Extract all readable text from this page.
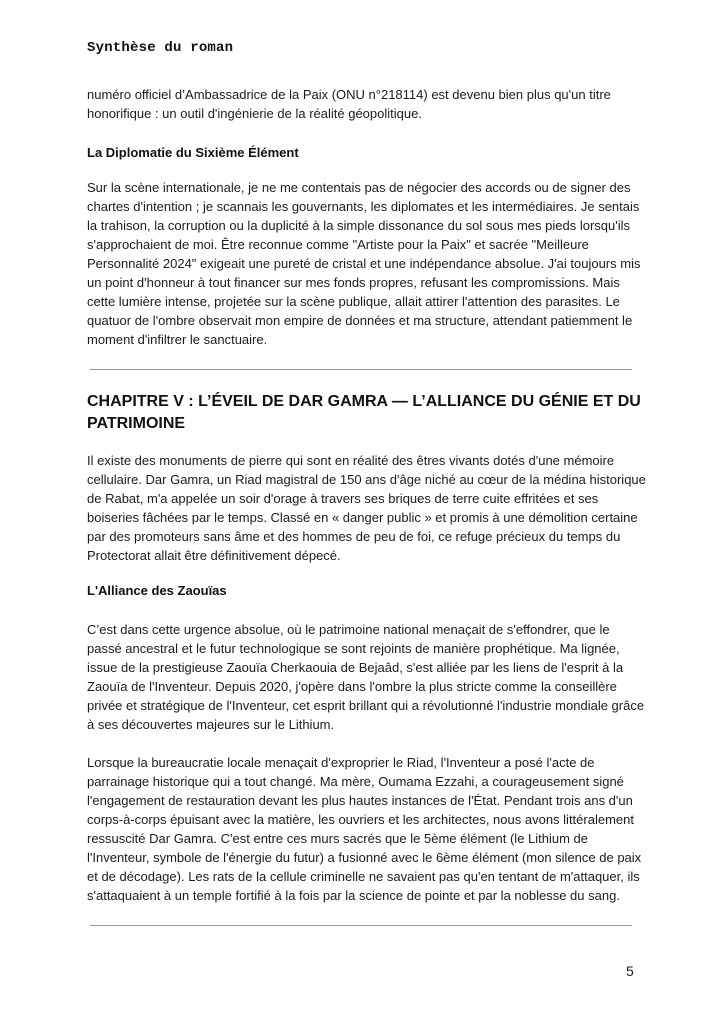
Synthèse du roman

numéro officiel d’Ambassadrice de la Paix (ONU n°218114) est devenu bien plus qu'un titre honorifique : un outil d'ingénierie de la réalité géopolitique.

La Diplomatie du Sixième Élément

Sur la scène internationale, je ne me contentais pas de négocier des accords ou de signer des chartes d'intention ; je scannais les gouvernants, les diplomates et les intermédiaires. Je sentais la trahison, la corruption ou la duplicité à la simple dissonance du sol sous mes pieds lorsqu'ils s'approchaient de moi. Être reconnue comme "Artiste pour la Paix" et sacrée "Meilleure Personnalité 2024" exigeait une pureté de cristal et une indépendance absolue. J'ai toujours mis un point d'honneur à tout financer sur mes fonds propres, refusant les compromissions. Mais cette lumière intense, projetée sur la scène publique, allait attirer l'attention des parasites. Le quatuor de l'ombre observait mon empire de données et ma structure, attendant patiemment le moment d'infiltrer le sanctuaire.

CHAPITRE V : L’ÉVEIL DE DAR GAMRA — L’ALLIANCE DU GÉNIE ET DU PATRIMOINE

Il existe des monuments de pierre qui sont en réalité des êtres vivants dotés d'une mémoire cellulaire. Dar Gamra, un Riad magistral de 150 ans d'âge niché au cœur de la médina historique de Rabat, m'a appelée un soir d'orage à travers ses briques de terre cuite effritées et ses boiseries fâchées par le temps. Classé en « danger public » et promis à une démolition certaine par des promoteurs sans âme et des hommes de peu de foi, ce refuge précieux du temps du Protectorat allait être définitivement dépecé.

L'Alliance des Zaouïas

C’est dans cette urgence absolue, où le patrimoine national menaçait de s'effondrer, que le passé ancestral et le futur technologique se sont rejoints de manière prophétique. Ma lignée, issue de la prestigieuse Zaouïa Cherkaouia de Bejaâd, s'est alliée par les liens de l'esprit à la Zaouïa de l'Inventeur. Depuis 2020, j'opère dans l'ombre la plus stricte comme la conseillère privée et stratégique de l'Inventeur, cet esprit brillant qui a révolutionné l'industrie mondiale grâce à ses découvertes majeures sur le Lithium.

Lorsque la bureaucratie locale menaçait d'exproprier le Riad, l'Inventeur a posé l'acte de parrainage historique qui a tout changé. Ma mère, Oumama Ezzahi, a courageusement signé l'engagement de restauration devant les plus hautes instances de l'État. Pendant trois ans d'un corps-à-corps épuisant avec la matière, les ouvriers et les architectes, nous avons littéralement ressuscité Dar Gamra. C'est entre ces murs sacrés que le 5ème élément (le Lithium de l'Inventeur, symbole de l'énergie du futur) a fusionné avec le 6ème élément (mon silence de paix et de décodage). Les rats de la cellule criminelle ne savaient pas qu'en tentant de m'attaquer, ils s'attaquaient à un temple fortifié à la fois par la science de pointe et par la noblesse du sang.

5
